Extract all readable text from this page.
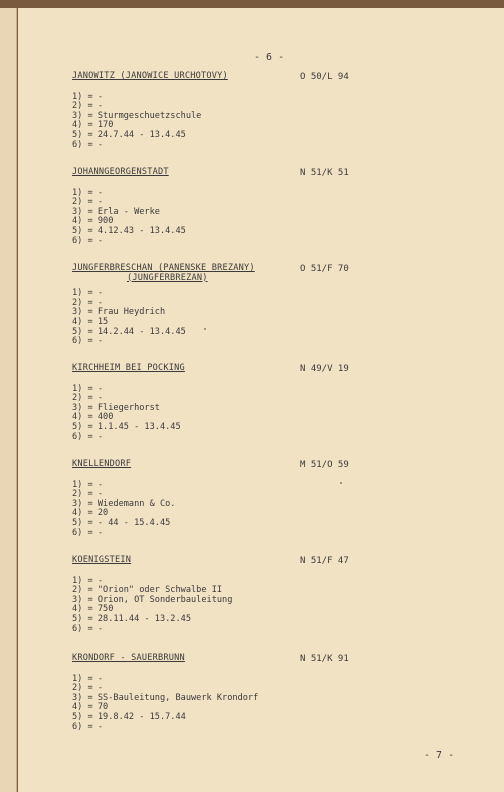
- 6 -
JANOWITZ (JANOWICE URCHOTOVY)
1) = -
2) = -
3) = Sturmgeschuetzschule
4) = 170
5) = 24.7.44 - 13.4.45
6) = -
O 50/L 94
JOHANNGEORGENSTADT
1) = -
2) = -
3) = Erla - Werke
4) = 900
5) = 4.12.43 - 13.4.45
6) = -
N 51/K 51
JUNGFERBRESCHAN (PANENSKE BREZANY)
(JUNGFERBREZAN)
1) = -
2) = -
3) = Frau Heydrich
4) = 15
5) = 14.2.44 - 13.4.45
6) = -
O 51/F 70
KIRCHHEIM BEI POCKING
1) = -
2) = -
3) = Fliegerhorst
4) = 400
5) = 1.1.45 - 13.4.45
6) = -
N 49/V 19
KNELLENDORF
1) = -
2) = -
3) = Wiedemann & Co.
4) = 20
5) = - 44 - 15.4.45
6) = -
M 51/O 59
KOENIGSTEIN
1) = -
2) = "Orion" oder Schwalbe II
3) = Orion, OT Sonderbauleitung
4) = 750
5) = 28.11.44 - 13.2.45
6) = -
N 51/F 47
KRONDORF - SAUERBRUNN
1) = -
2) = -
3) = SS-Bauleitung, Bauwerk Krondorf
4) = 70
5) = 19.8.42 - 15.7.44
6) = -
N 51/K 91
- 7 -
